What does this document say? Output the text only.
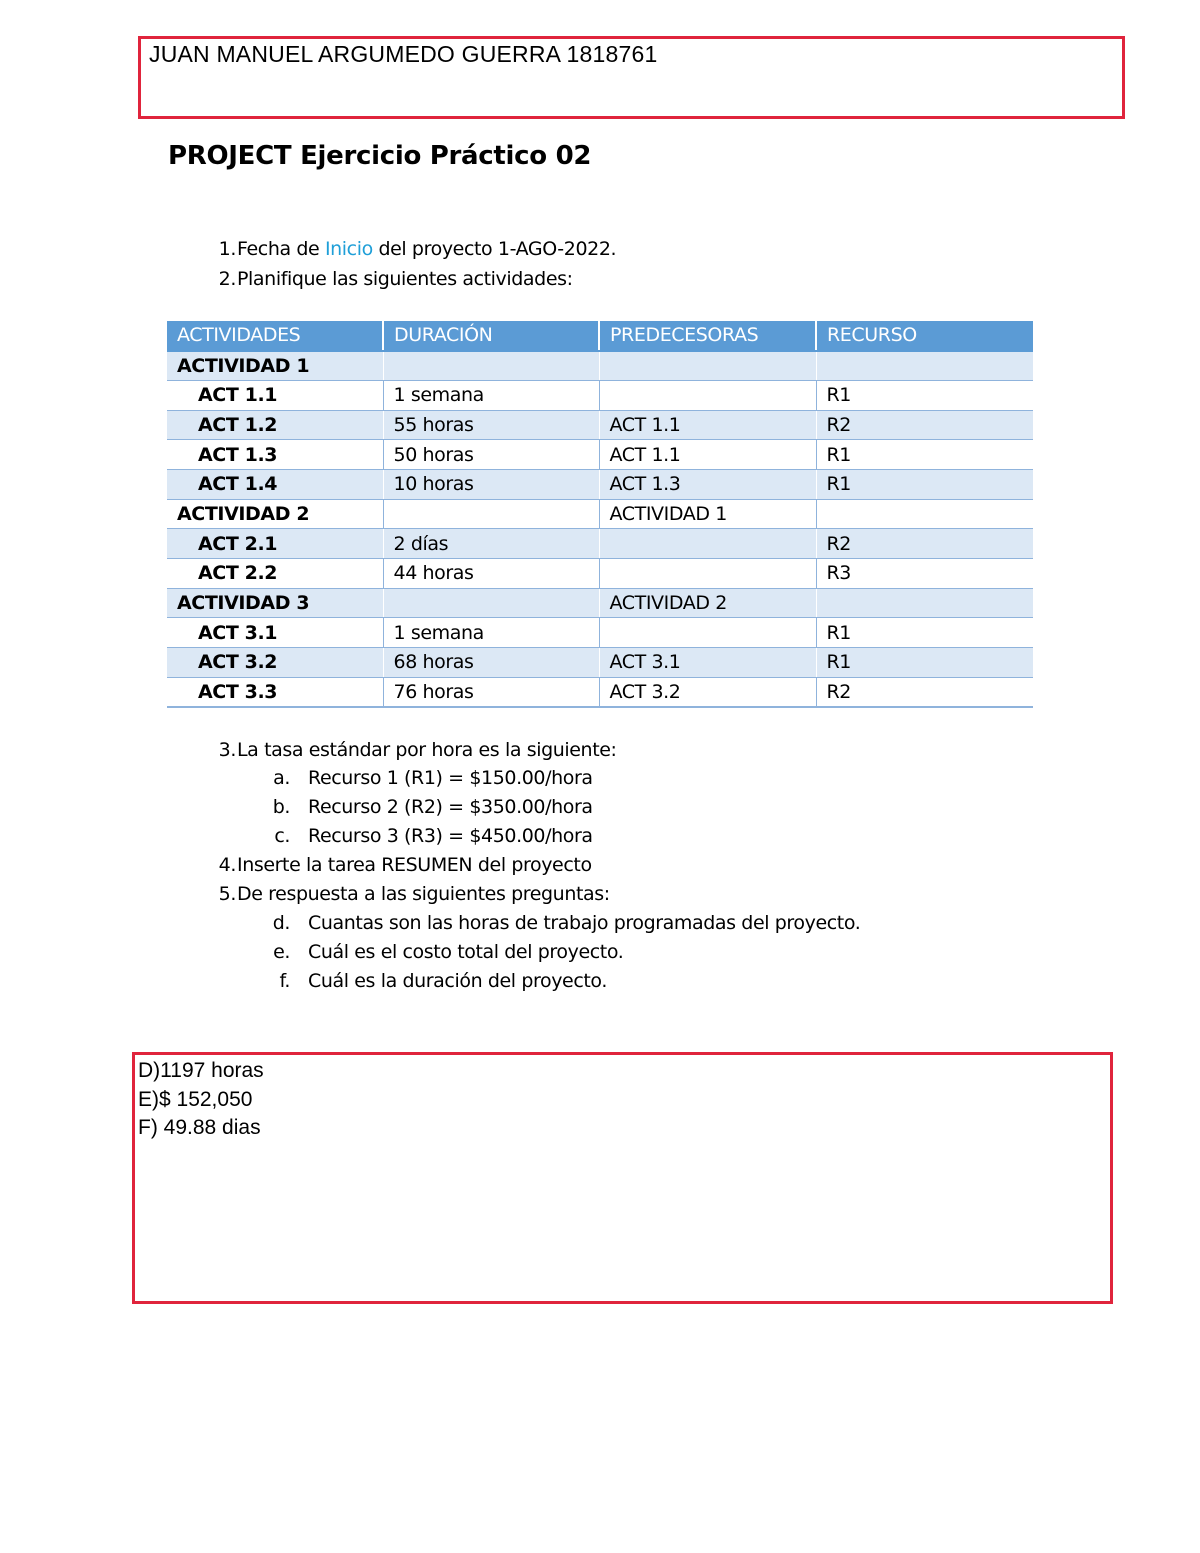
JUAN MANUEL ARGUMEDO GUERRA 1818761
PROJECT Ejercicio Práctico 02
1. Fecha de Inicio del proyecto 1-AGO-2022.
2. Planifique las siguientes actividades:
ACTIVIDADES	DURACIÓN	PREDECESORAS	RECURSO
ACTIVIDAD 1			
ACT 1.1	1 semana		R1
ACT 1.2	55 horas	ACT 1.1	R2
ACT 1.3	50 horas	ACT 1.1	R1
ACT 1.4	10 horas	ACT 1.3	R1
ACTIVIDAD 2		ACTIVIDAD 1	
ACT 2.1	2 días		R2
ACT 2.2	44 horas		R3
ACTIVIDAD 3		ACTIVIDAD 2	
ACT 3.1	1 semana		R1
ACT 3.2	68 horas	ACT 3.1	R1
ACT 3.3	76 horas	ACT 3.2	R2
3. La tasa estándar por hora es la siguiente:
a. Recurso 1 (R1) = $150.00/hora
b. Recurso 2 (R2) = $350.00/hora
c. Recurso 3 (R3) = $450.00/hora
4. Inserte la tarea RESUMEN del proyecto
5. De respuesta a las siguientes preguntas:
d. Cuantas son las horas de trabajo programadas del proyecto.
e. Cuál es el costo total del proyecto.
f. Cuál es la duración del proyecto.
D)1197 horas
E)$ 152,050
F) 49.88 dias
